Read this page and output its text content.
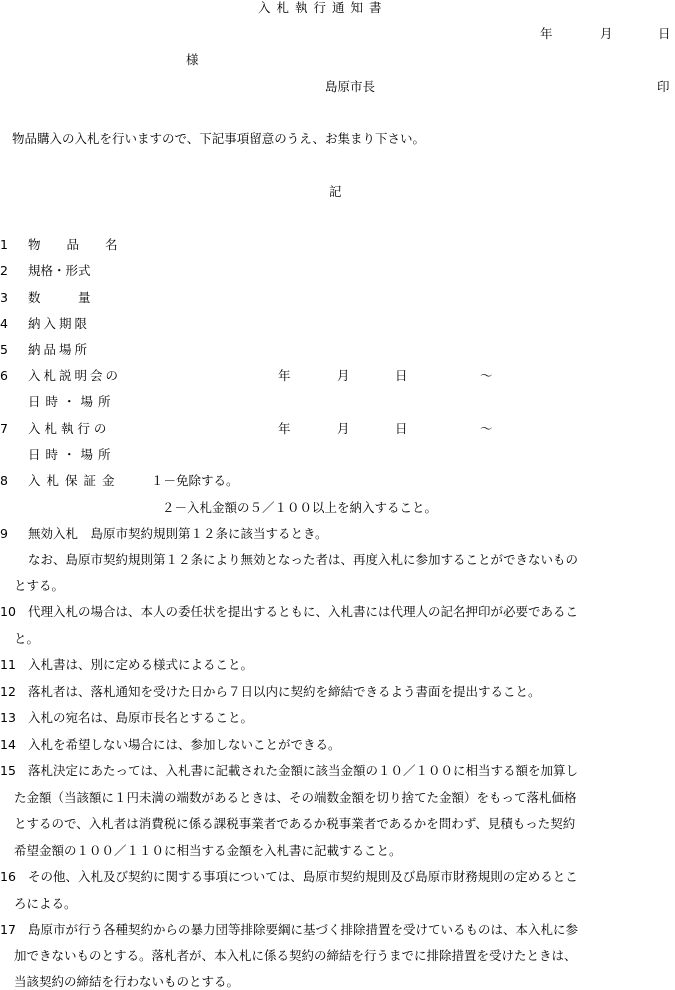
入札執行通知書
年	月	日
様
島原市長	印
物品購入の入札を行いますので、下記事項留意のうえ、お集まり下さい。
記
1 物 品 名
2 規格・形式
3 数　　　量
4 納入期限
5 納品場所
6 入札説明会の	年	月	日	～
日時・場所
7 入 札 執 行 の	年	月	日	～
日時・場所
8 入札保証金 １－免除する。
２－入札金額の５／１００以上を納入すること。
9 無効入札　島原市契約規則第１２条に該当するとき。
なお、島原市契約規則第１２条により無効となった者は、再度入札に参加することができないもの
とする。
10 代理入札の場合は、本人の委任状を提出するともに、入札書には代理人の記名押印が必要であるこ
と。
11 入札書は、別に定める様式によること。
12 落札者は、落札通知を受けた日から７日以内に契約を締結できるよう書面を提出すること。
13 入札の宛名は、島原市長名とすること。
14 入札を希望しない場合には、参加しないことができる。
15 落札決定にあたっては、入札書に記載された金額に該当金額の１０／１００に相当する額を加算し
た金額（当該額に１円未満の端数があるときは、その端数金額を切り捨てた金額）をもって落札価格
とするので、入札者は消費税に係る課税事業者であるか税事業者であるかを問わず、見積もった契約
希望金額の１００／１１０に相当する金額を入札書に記載すること。
16 その他、入札及び契約に関する事項については、島原市契約規則及び島原市財務規則の定めるとこ
ろによる。
17 島原市が行う各種契約からの暴力団等排除要綱に基づく排除措置を受けているものは、本入札に参
加できないものとする。落札者が、本入札に係る契約の締結を行うまでに排除措置を受けたときは、
当該契約の締結を行わないものとする。
